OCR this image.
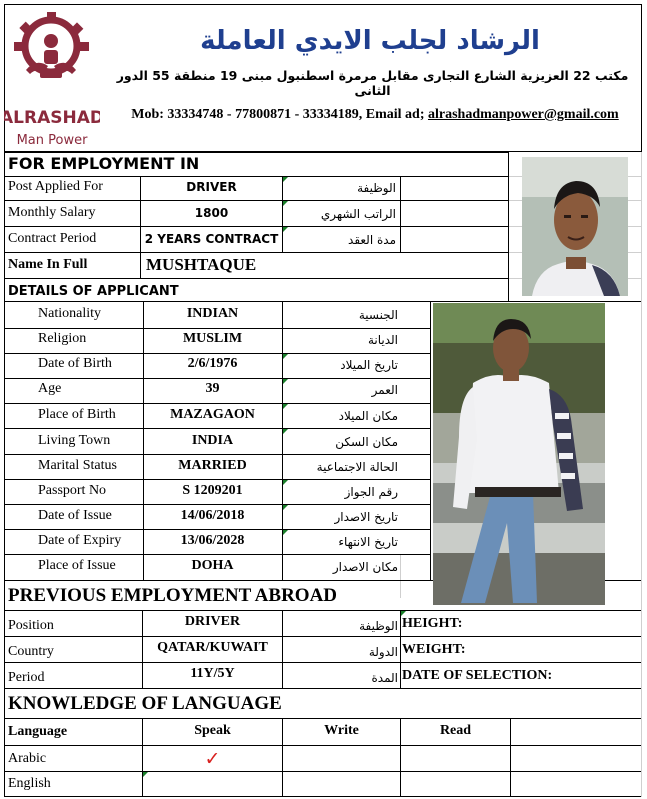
ALRASHAD
Man Power
الرشاد لجلب الايدي العاملة
مكتب 22 العزيزية الشارع التجارى مقابل مرمرة اسطنبول مبنى 19 منطقة 55 الدور الثانى
Mob: 33334748 - 77800871 - 33334189, Email ad; alrashadmanpower@gmail.com
FOR EMPLOYMENT IN
Post Applied For	DRIVER	الوظيفة
Monthly Salary	1800	الراتب الشهري
Contract Period	2 YEARS CONTRACT	مدة العقد
Name In Full	MUSHTAQUE
DETAILS OF APPLICANT
Nationality	INDIAN	الجنسية
Religion	MUSLIM	الديانة
Date of Birth	2/6/1976	تاريخ الميلاد
Age	39	العمر
Place of Birth	MAZAGAON	مكان الميلاد
Living Town	INDIA	مكان السكن
Marital Status	MARRIED	الحالة الاجتماعية
Passport No	S 1209201	رقم الجواز
Date of Issue	14/06/2018	تاريخ الاصدار
Date of Expiry	13/06/2028	تاريخ الانتهاء
Place of Issue	DOHA	مكان الاصدار
PREVIOUS EMPLOYMENT ABROAD
Position	DRIVER	الوظيفة HEIGHT:
Country	QATAR/KUWAIT	الدولة WEIGHT:
Period	11Y/5Y	المدة DATE OF SELECTION:
KNOWLEDGE OF LANGUAGE
Language	Speak	Write	Read
Arabic	✓
English
